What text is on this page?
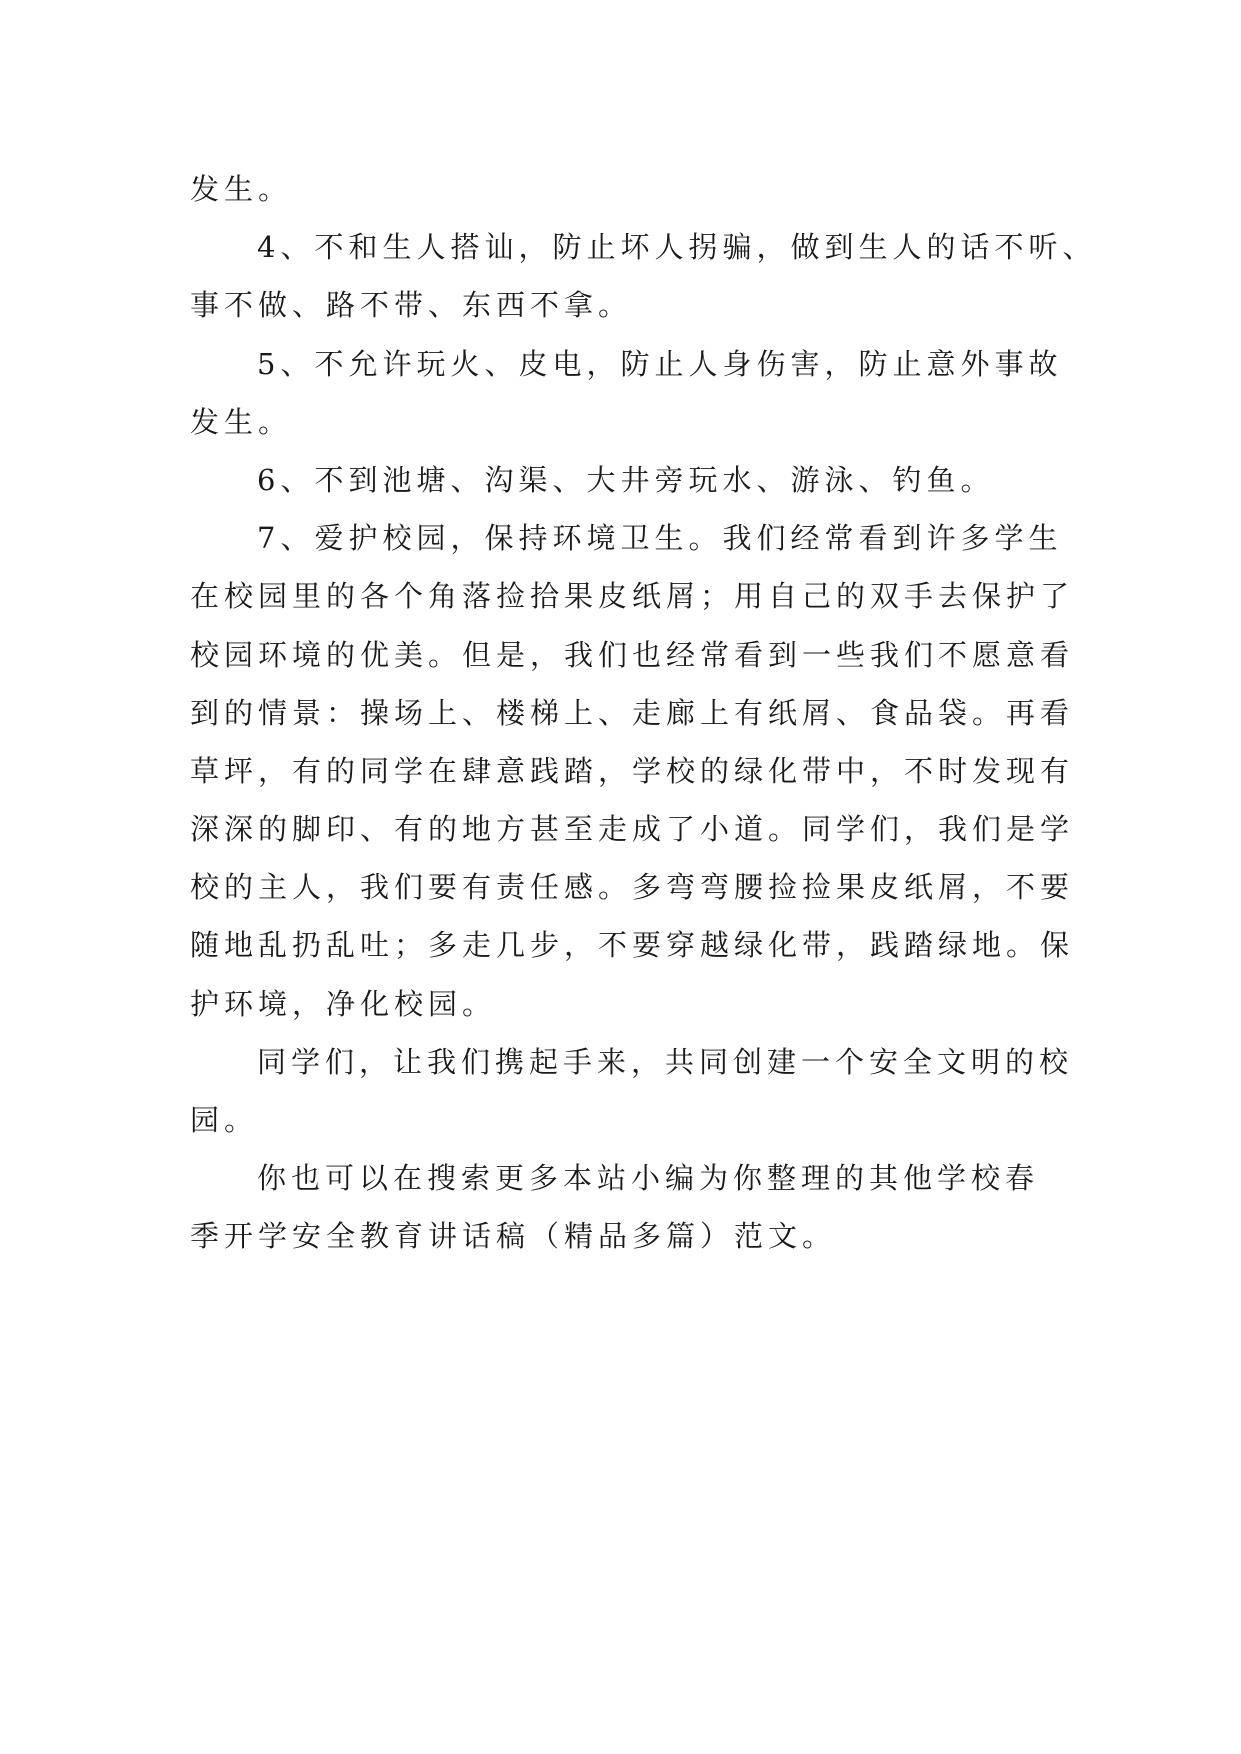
发生。
4、不和生人搭讪，防止坏人拐骗，做到生人的话不听、
事不做、路不带、东西不拿。
5、不允许玩火、皮电，防止人身伤害，防止意外事故
发生。
6、不到池塘、沟渠、大井旁玩水、游泳、钓鱼。
7、爱护校园，保持环境卫生。我们经常看到许多学生
在校园里的各个角落捡拾果皮纸屑；用自己的双手去保护了
校园环境的优美。但是，我们也经常看到一些我们不愿意看
到的情景：操场上、楼梯上、走廊上有纸屑、食品袋。再看
草坪，有的同学在肆意践踏，学校的绿化带中，不时发现有
深深的脚印、有的地方甚至走成了小道。同学们，我们是学
校的主人，我们要有责任感。多弯弯腰捡捡果皮纸屑，不要
随地乱扔乱吐；多走几步，不要穿越绿化带，践踏绿地。保
护环境，净化校园。
同学们，让我们携起手来，共同创建一个安全文明的校
园。
你也可以在搜索更多本站小编为你整理的其他学校春
季开学安全教育讲话稿（精品多篇）范文。
